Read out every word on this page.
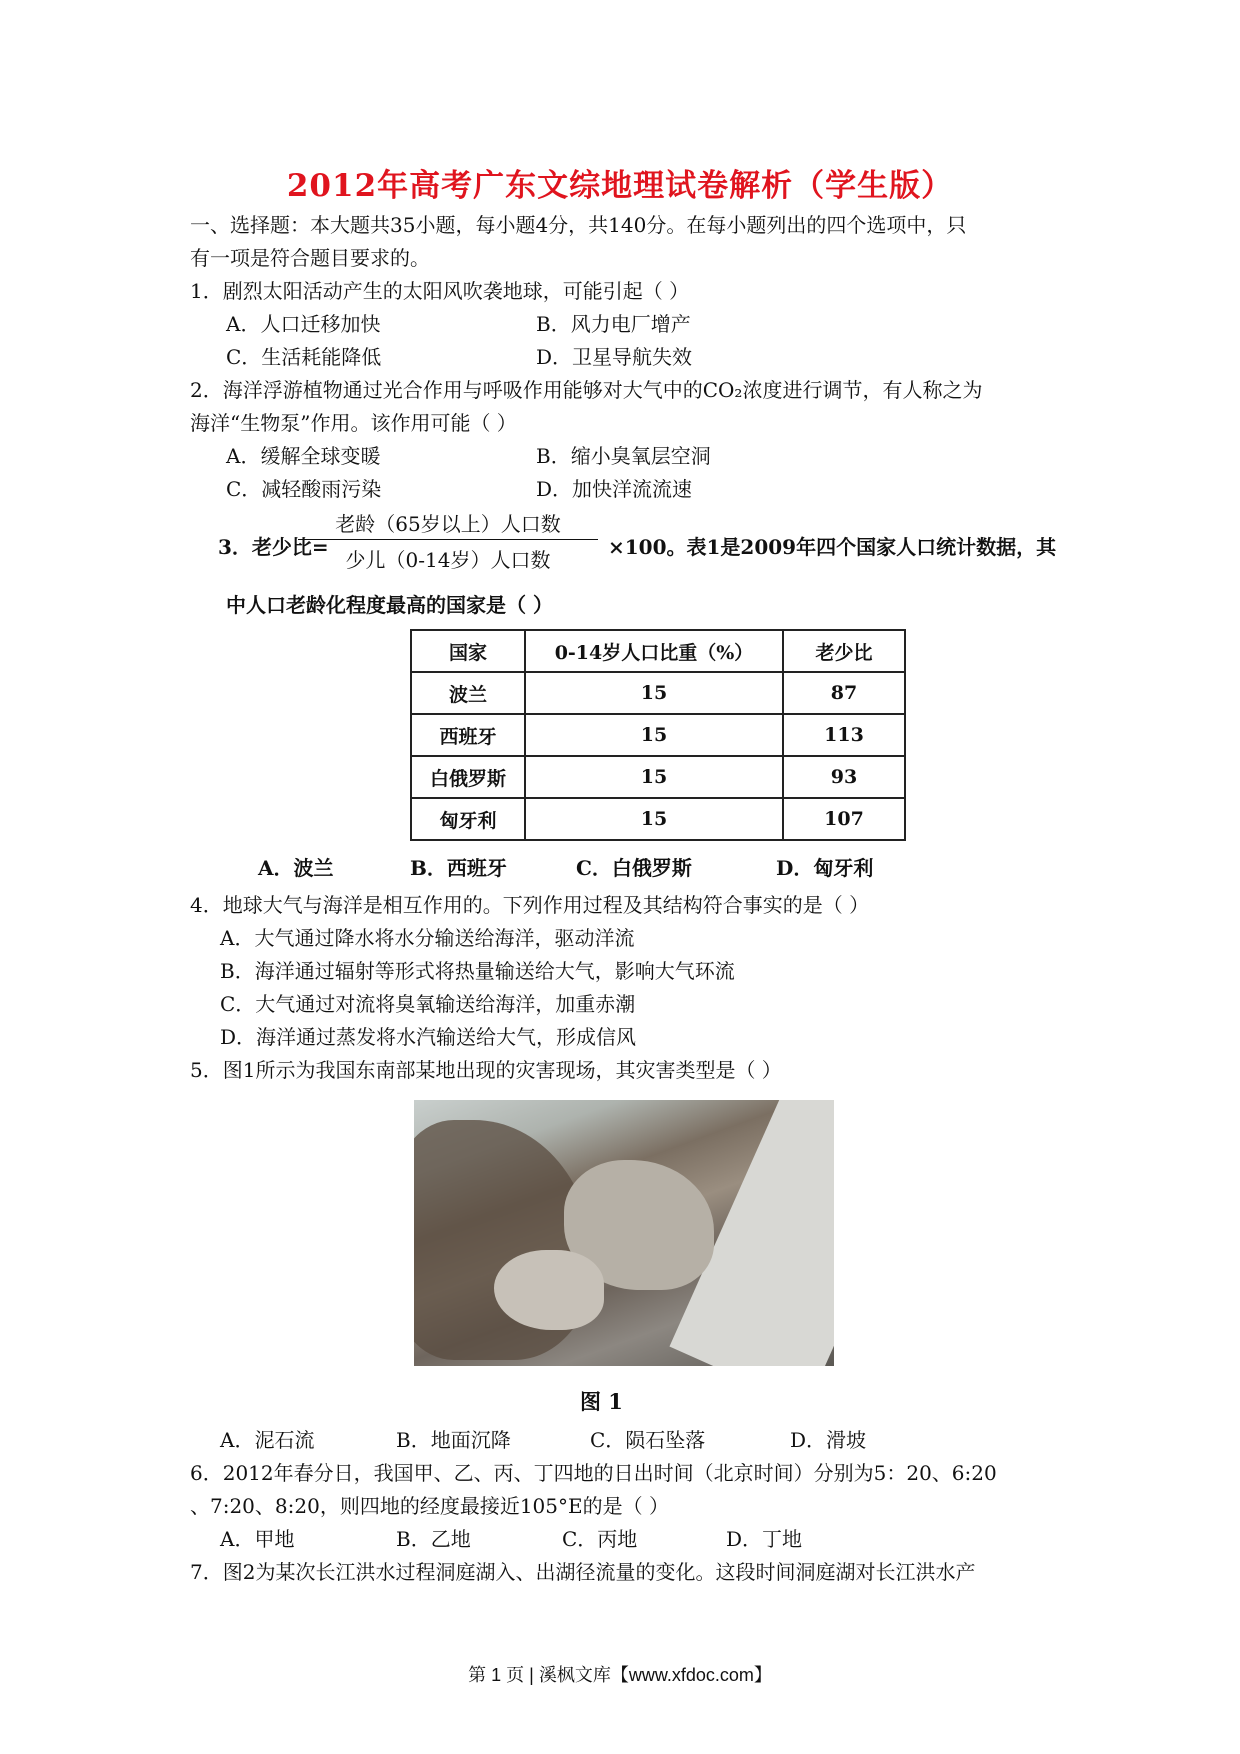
2012年高考广东文综地理试卷解析（学生版）
一、选择题：本大题共35小题，每小题4分，共140分。在每小题列出的四个选项中，只
有一项是符合题目要求的。
1．剧烈太阳活动产生的太阳风吹袭地球，可能引起（ ）
A．人口迁移加快	B．风力电厂增产
C．生活耗能降低	D．卫星导航失效
2．海洋浮游植物通过光合作用与呼吸作用能够对大气中的CO₂浓度进行调节，有人称之为
海洋“生物泵”作用。该作用可能（ ）
A．缓解全球变暖	B．缩小臭氧层空洞
C．减轻酸雨污染	D．加快洋流流速
3．老少比=
老龄（65岁以上）人口数
少儿（0-14岁）人口数
×100。表1是2009年四个国家人口统计数据，其
中人口老龄化程度最高的国家是（ ）
国家	0-14岁人口比重（%）	老少比
波兰	15	87
西班牙	15	113
白俄罗斯	15	93
匈牙利	15	107
A．波兰	B．西班牙	C．白俄罗斯	D．匈牙利
4．地球大气与海洋是相互作用的。下列作用过程及其结构符合事实的是（ ）
A．大气通过降水将水分输送给海洋，驱动洋流
B．海洋通过辐射等形式将热量输送给大气，影响大气环流
C．大气通过对流将臭氧输送给海洋，加重赤潮
D．海洋通过蒸发将水汽输送给大气，形成信风
5．图1所示为我国东南部某地出现的灾害现场，其灾害类型是（ ）
图 1
A．泥石流	B．地面沉降	C．陨石坠落	D．滑坡
6．2012年春分日，我国甲、乙、丙、丁四地的日出时间（北京时间）分别为5：20、6:20
、7:20、8:20，则四地的经度最接近105°E的是（ ）
A．甲地	B．乙地	C．丙地	D．丁地
7．图2为某次长江洪水过程洞庭湖入、出湖径流量的变化。这段时间洞庭湖对长江洪水产
第 1 页 | 溪枫文库【www.xfdoc.com】
